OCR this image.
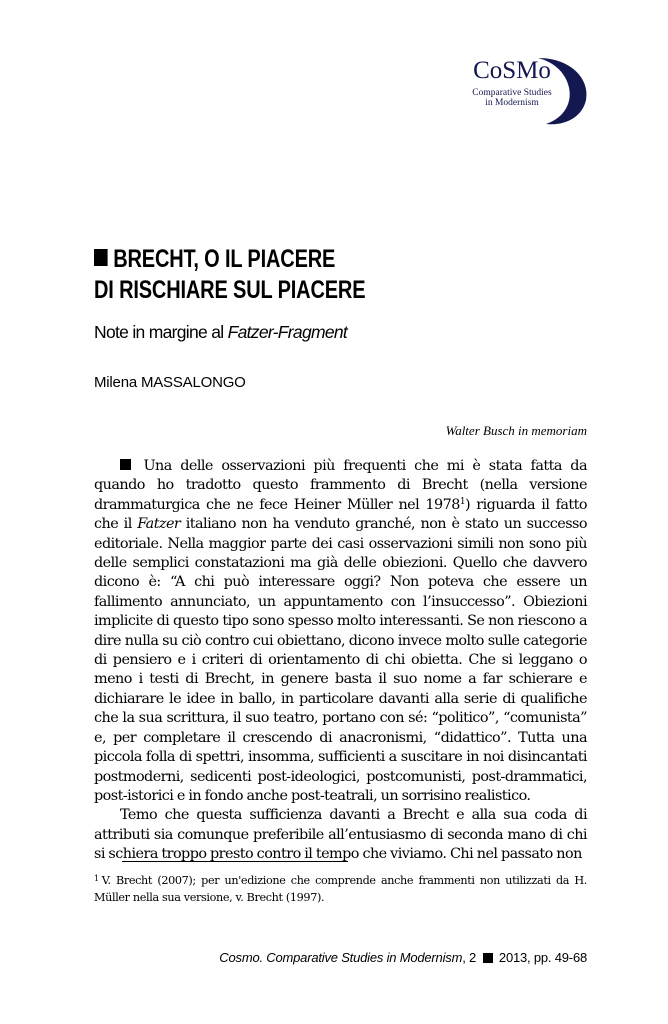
CoSMo
Comparative Studies
in Modernism
BRECHT, O IL PIACERE
DI RISCHIARE SUL PIACERE
Note in margine al Fatzer-Fragment
Milena MASSALONGO
Walter Busch in memoriam

Una delle osservazioni più frequenti che mi è stata fatta da quando ho tradotto questo frammento di Brecht (nella versione drammaturgica che ne fece Heiner Müller nel 1978$^1$) riguarda il fatto che il Fatzer italiano non ha venduto granché, non è stato un successo editoriale. Nella maggior parte dei casi osservazioni simili non sono più delle semplici constatazioni ma già delle obiezioni. Quello che davvero dicono è: “A chi può interessare oggi? Non poteva che essere un fallimento annunciato, un appuntamento con l’insuccesso”. Obiezioni implicite di questo tipo sono spesso molto interessanti. Se non riescono a dire nulla su ciò contro cui obiettano, dicono invece molto sulle categorie di pensiero e i criteri di orientamento di chi obietta. Che si leggano o meno i testi di Brecht, in genere basta il suo nome a far schierare e dichiarare le idee in ballo, in particolare davanti alla serie di qualifiche che la sua scrittura, il suo teatro, portano con sé: “politico”, “comunista” e, per completare il crescendo di anacronismi, “didattico”. Tutta una piccola folla di spettri, insomma, sufficienti a suscitare in noi disincantati postmoderni, sedicenti post-ideologici, postcomunisti, post-drammatici, post-istorici e in fondo anche post-teatrali, un sorrisino realistico.

Temo che questa sufficienza davanti a Brecht e alla sua coda di attributi sia comunque preferibile all’entusiasmo di seconda mano di chi si schiera troppo presto contro il tempo che viviamo. Chi nel passato non

$^1$ V. Brecht (2007); per un'edizione che comprende anche frammenti non utilizzati da H. Müller nella sua versione, v. Brecht (1997).
Cosmo. Comparative Studies in Modernism, 2 2013, pp. 49-68
